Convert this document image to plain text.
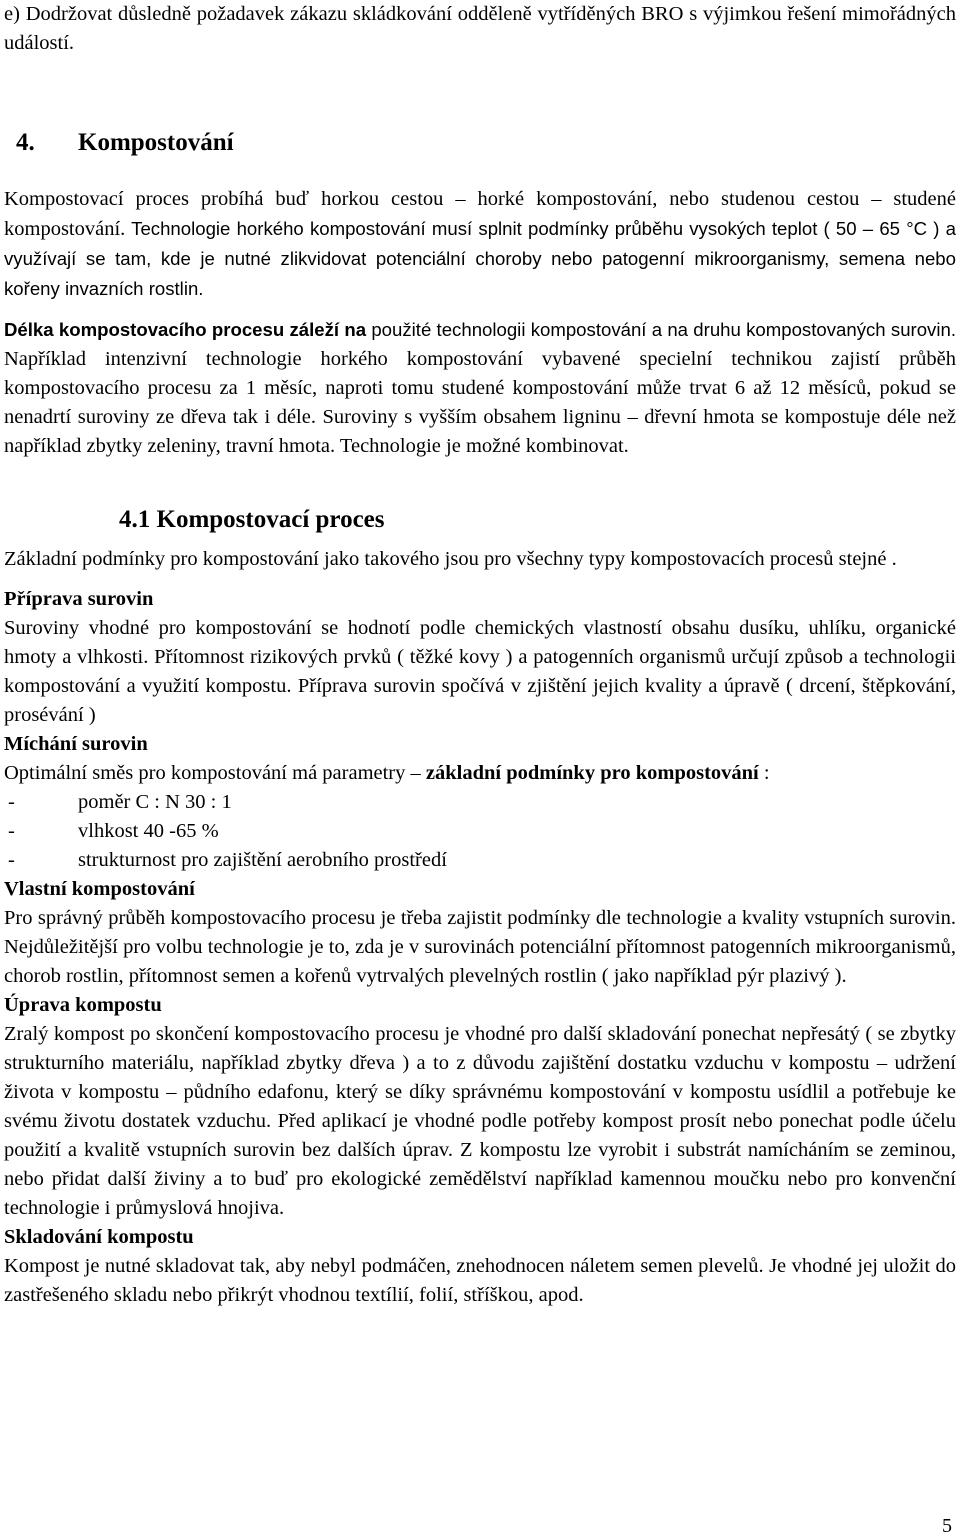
e) Dodržovat důsledně požadavek zákazu skládkování odděleně vytříděných BRO s výjimkou řešení mimořádných událostí.

4. Kompostování

Kompostovací proces probíhá buď horkou cestou – horké kompostování, nebo studenou cestou – studené kompostování. Technologie horkého kompostování musí splnit podmínky průběhu vysokých teplot ( 50 – 65 °C ) a využívají se tam, kde je nutné zlikvidovat potenciální choroby nebo patogenní mikroorganismy, semena nebo kořeny invazních rostlin.

Délka kompostovacího procesu záleží na použité technologii kompostování a na druhu kompostovaných surovin. Například intenzivní technologie horkého kompostování vybavené specielní technikou zajistí průběh kompostovacího procesu za 1 měsíc, naproti tomu studené kompostování může trvat 6 až 12 měsíců, pokud se nenadrtí suroviny ze dřeva tak i déle. Suroviny s vyšším obsahem ligninu – dřevní hmota se kompostuje déle než například zbytky zeleniny, travní hmota. Technologie je možné kombinovat.

4.1 Kompostovací proces

Základní podmínky pro kompostování jako takového jsou pro všechny typy kompostovacích procesů stejné .

Příprava surovin

Suroviny vhodné pro kompostování se hodnotí podle chemických vlastností obsahu dusíku, uhlíku, organické hmoty a vlhkosti. Přítomnost rizikových prvků ( těžké kovy ) a patogenních organismů určují způsob a technologii kompostování a využití kompostu. Příprava surovin spočívá v zjištění jejich kvality a úpravě ( drcení, štěpkování, prosévání )

Míchání surovin

Optimální směs pro kompostování má parametry – základní podmínky pro kompostování :

-	poměr C : N 30 : 1
-	vlhkost 40 -65 %
-	strukturnost pro zajištění aerobního prostředí

Vlastní kompostování

Pro správný průběh kompostovacího procesu je třeba zajistit podmínky dle technologie a kvality vstupních surovin. Nejdůležitější pro volbu technologie je to, zda je v surovinách potenciální přítomnost patogenních mikroorganismů, chorob rostlin, přítomnost semen a kořenů vytrvalých plevelných rostlin ( jako například pýr plazivý ).

Úprava kompostu

Zralý kompost po skončení kompostovacího procesu je vhodné pro další skladování ponechat nepřesátý ( se zbytky strukturního materiálu, například zbytky dřeva ) a to z důvodu zajištění dostatku vzduchu v kompostu – udržení života v kompostu – půdního edafonu, který se díky správnému kompostování v kompostu usídlil a potřebuje ke svému životu dostatek vzduchu. Před aplikací je vhodné podle potřeby kompost prosít nebo ponechat podle účelu použití a kvalitě vstupních surovin bez dalších úprav. Z kompostu lze vyrobit i substrát namícháním se zeminou, nebo přidat další živiny a to buď pro ekologické zemědělství například kamennou moučku nebo pro konvenční technologie i průmyslová hnojiva.

Skladování kompostu

Kompost je nutné skladovat tak, aby nebyl podmáčen, znehodnocen náletem semen plevelů. Je vhodné jej uložit do zastřešeného skladu nebo přikrýt vhodnou textílií, folií, stříškou, apod.

5
